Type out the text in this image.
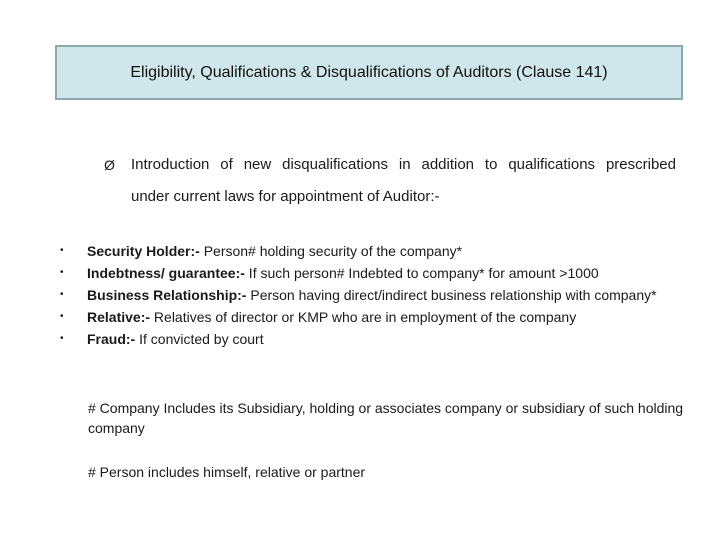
Eligibility, Qualifications & Disqualifications of Auditors (Clause 141)
Ø Introduction of new disqualifications in addition to qualifications prescribed
under current laws for appointment of Auditor:-
• Security Holder:- Person# holding security of the company*
• Indebtness/ guarantee:- If such person# Indebted to company* for amount >1000
• Business Relationship:- Person having direct/indirect business relationship with company*
• Relative:- Relatives of director or KMP who are in employment of the company
• Fraud:- If convicted by court
# Company Includes its Subsidiary, holding or associates company or subsidiary of such holding company
# Person includes himself, relative or partner
